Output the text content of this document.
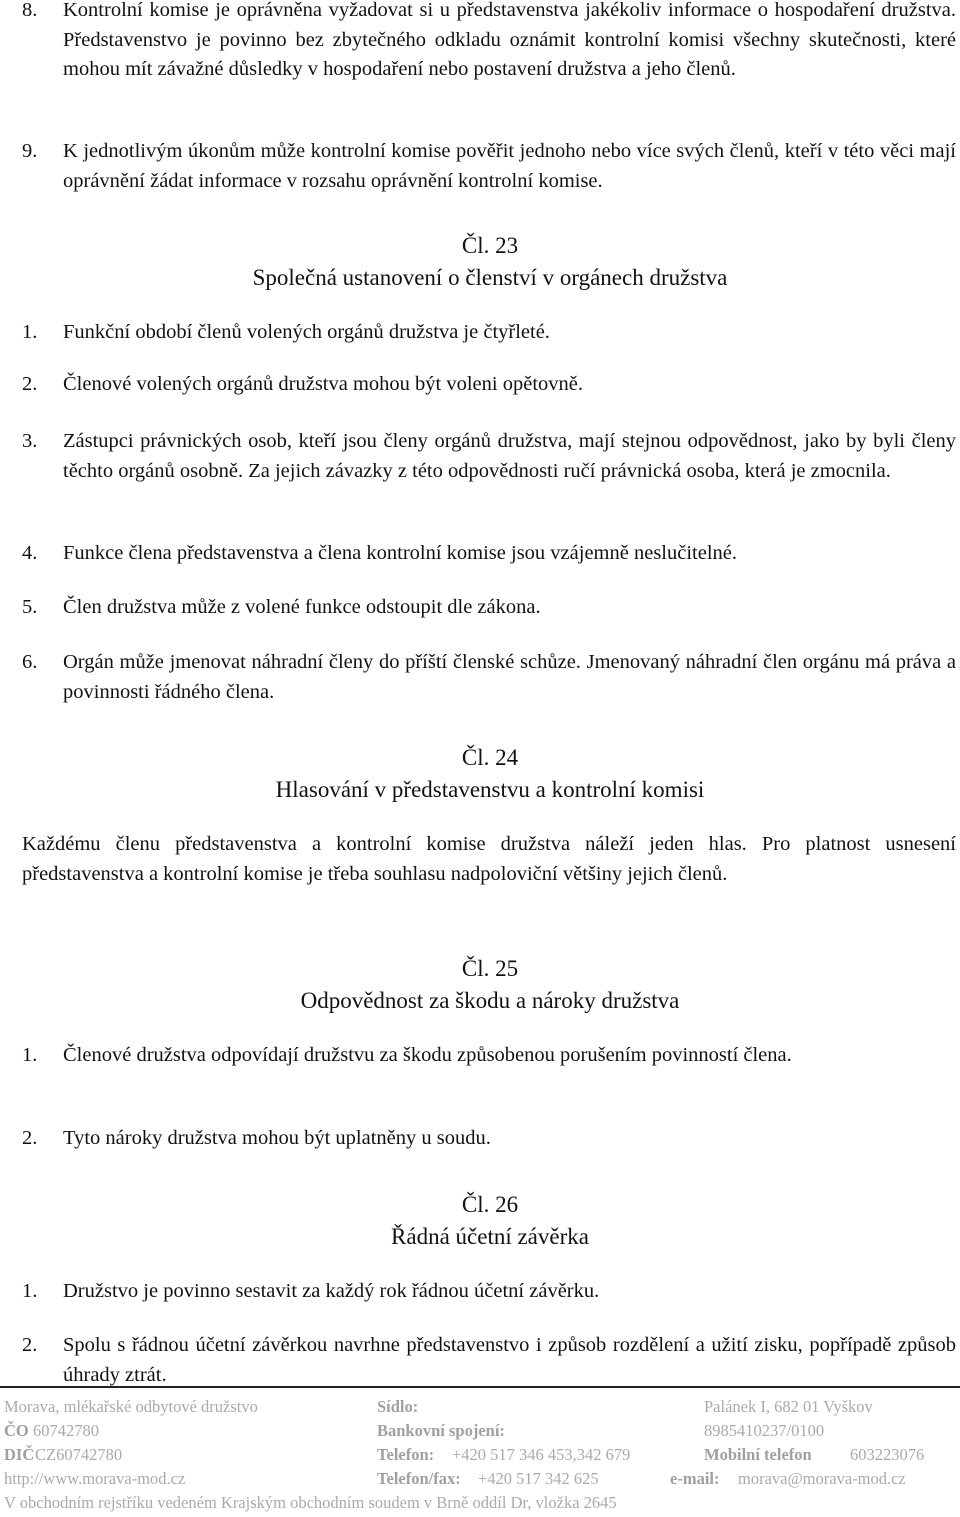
8. Kontrolní komise je oprávněna vyžadovat si u představenstva jakékoliv informace o hospodaření družstva. Představenstvo je povinno bez zbytečného odkladu oznámit kontrolní komisi všechny skutečnosti, které mohou mít závažné důsledky v hospodaření nebo postavení družstva a jeho členů.
9. K jednotlivým úkonům může kontrolní komise pověřit jednoho nebo více svých členů, kteří v této věci mají oprávnění žádat informace v rozsahu oprávnění kontrolní komise.
Čl. 23
Společná ustanovení o členství v orgánech družstva
1. Funkční období členů volených orgánů družstva je čtyřleté.
2. Členové volených orgánů družstva mohou být voleni opětovně.
3. Zástupci právnických osob, kteří jsou členy orgánů družstva, mají stejnou odpovědnost, jako by byli členy těchto orgánů osobně. Za jejich závazky z této odpovědnosti ručí právnická osoba, která je zmocnila.
4. Funkce člena představenstva a člena kontrolní komise jsou vzájemně neslučitelné.
5. Člen družstva může z volené funkce odstoupit dle zákona.
6. Orgán může jmenovat náhradní členy do příští členské schůze. Jmenovaný náhradní člen orgánu má práva a povinnosti řádného člena.
Čl. 24
Hlasování v představenstvu a kontrolní komisi
Každému členu představenstva a kontrolní komise družstva náleží jeden hlas. Pro platnost usnesení představenstva a kontrolní komise je třeba souhlasu nadpoloviční většiny jejich členů.
Čl. 25
Odpovědnost za škodu a nároky družstva
1. Členové družstva odpovídají družstvu za škodu způsobenou porušením povinností člena.
2. Tyto nároky družstva mohou být uplatněny u soudu.
Čl. 26
Řádná účetní závěrka
1. Družstvo je povinno sestavit za každý rok řádnou účetní závěrku.
2. Spolu s řádnou účetní závěrkou navrhne představenstvo i způsob rozdělení a užití zisku, popřípadě způsob úhrady ztrát.
Morava, mlékařské odbytové družstvo	Sídlo:	Palánek I, 682 01 Vyškov
ČO 60742780	Bankovní spojení:	8985410237/0100
DIČ CZ60742780	Telefon: +420 517 346 453,342 679	Mobilní telefon 603223076
http://www.morava-mod.cz	Telefon/fax: +420 517 342 625	e-mail: morava@morava-mod.cz
V obchodním rejstříku vedeném Krajským obchodním soudem v Brně oddíl Dr, vložka 2645
